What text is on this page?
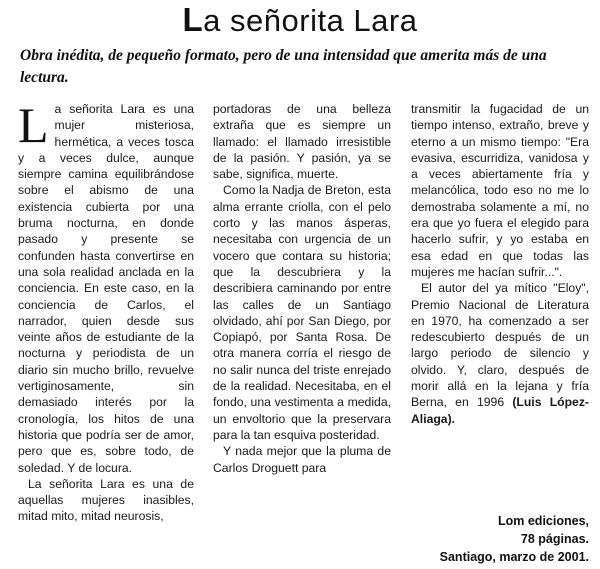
La señorita Lara

Obra inédita, de pequeño formato, pero de una intensidad que amerita más de una lectura.

L a señorita Lara es una mujer misteriosa, hermética, a veces tosca y a veces dulce, aunque siempre camina equilibrándose sobre el abismo de una existencia cubierta por una bruma nocturna, en donde pasado y presente se confunden hasta convertirse en una sola realidad anclada en la conciencia. En este caso, en la conciencia de Carlos, el narrador, quien desde sus veinte años de estudiante de la nocturna y periodista de un diario sin mucho brillo, revuelve vertiginosamente, sin demasiado interés por la cronología, los hitos de una historia que podría ser de amor, pero que es, sobre todo, de soledad. Y de locura.

La señorita Lara es una de aquellas mujeres inasibles, mitad mito, mitad neurosis,

portadoras de una belleza extraña que es siempre un llamado: el llamado irresistible de la pasión. Y pasión, ya se sabe, significa, muerte.

Como la Nadja de Breton, esta alma errante criolla, con el pelo corto y las manos ásperas, necesitaba con urgencia de un vocero que contara su historia; que la descubriera y la describiera caminando por entre las calles de un Santiago olvidado, ahí por San Diego, por Copiapó, por Santa Rosa. De otra manera corría el riesgo de no salir nunca del triste enrejado de la realidad. Necesitaba, en el fondo, una vestimenta a medida, un envoltorio que la preservara para la tan esquiva posteridad.

Y nada mejor que la pluma de Carlos Droguett para

transmitir la fugacidad de un tiempo intenso, extraño, breve y eterno a un mismo tiempo: "Era evasiva, escurridiza, vanidosa y a veces abiertamente fría y melancólica, todo eso no me lo demostraba solamente a mí, no era que yo fuera el elegido para hacerlo sufrir, y yo estaba en esa edad en que todas las mujeres me hacían sufrir...".

El autor del ya mítico "Eloy", Premio Nacional de Literatura en 1970, ha comenzado a ser redescubierto después de un largo periodo de silencio y olvido. Y, claro, después de morir allá en la lejana y fría Berna, en 1996 (Luis López-Aliaga).

Lom ediciones,
78 páginas.
Santiago, marzo de 2001.
